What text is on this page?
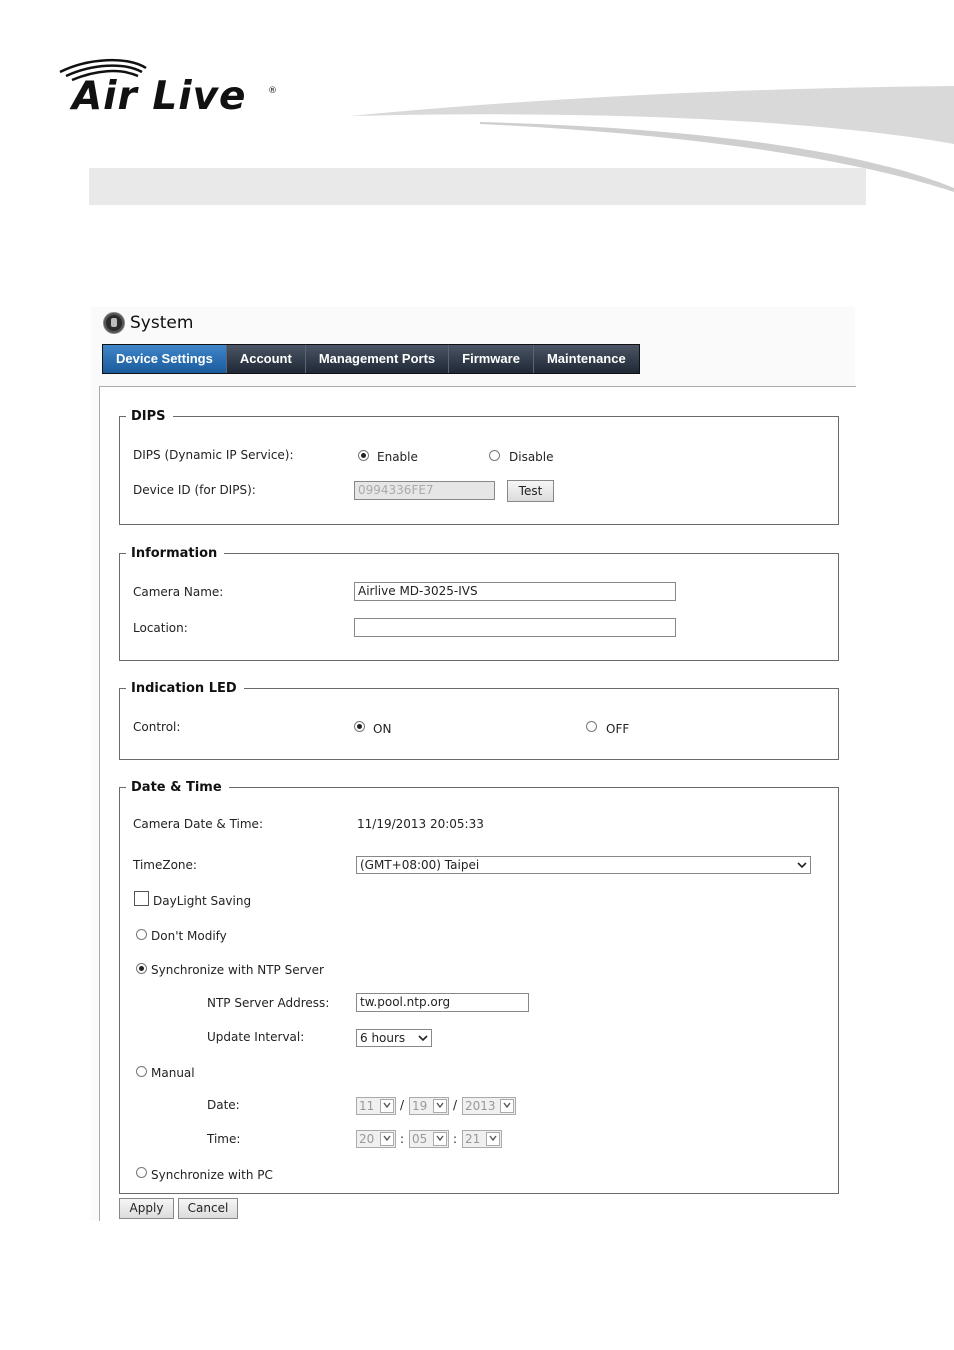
Air Live ®
System
Device Settings	Account	Management Ports	Firmware	Maintenance
DIPS
DIPS (Dynamic IP Service):	Enable	Disable
Device ID (for DIPS):	0994336FE7	Test
Information
Camera Name:	Airlive MD-3025-IVS
Location:
Indication LED
Control:	ON	OFF
Date & Time
Camera Date & Time:	11/19/2013 20:05:33
TimeZone:	(GMT+08:00) Taipei
DayLight Saving
Don't Modify
Synchronize with NTP Server
NTP Server Address:	tw.pool.ntp.org
Update Interval:	6 hours
Manual
Date:	11	/ 19	/ 2013
Time:	20	: 05	: 21
Synchronize with PC
Apply	Cancel
